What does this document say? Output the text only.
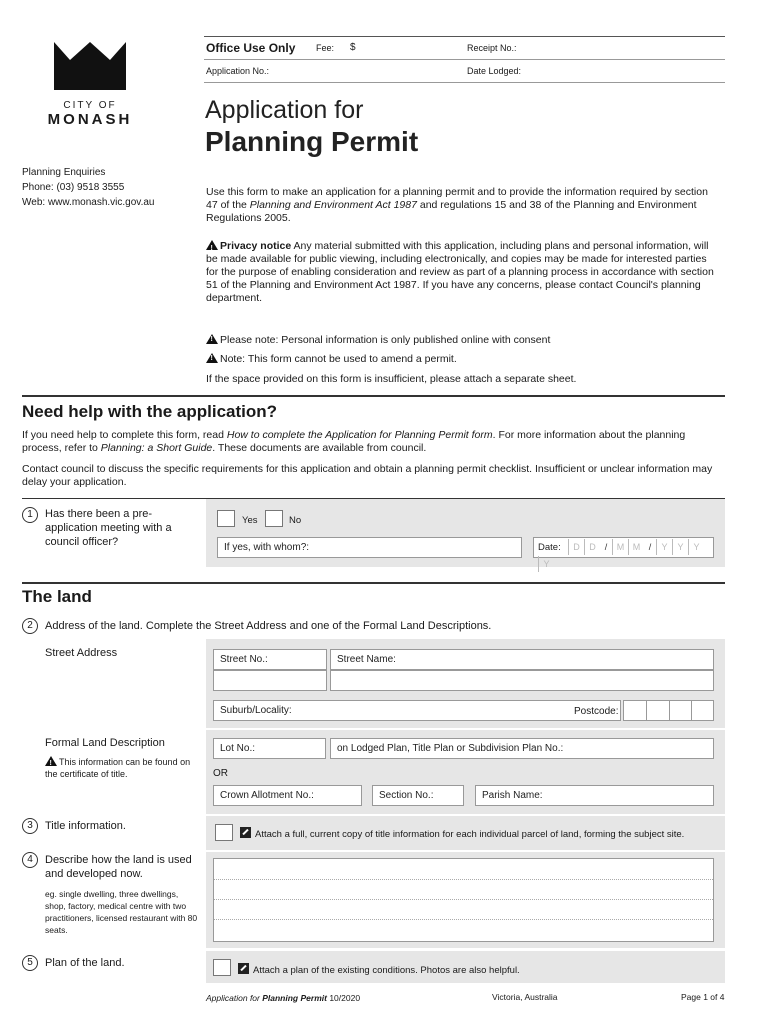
CITY OF
MONASH
Planning Enquiries
Phone: (03) 9518 3555
Web: www.monash.vic.gov.au
Office Use Only Fee: $	Receipt No.:
Application No.:	Date Lodged:
Application for
Planning Permit
Use this form to make an application for a planning permit and to provide the information required by section 47 of the Planning and Environment Act 1987 and regulations 15 and 38 of the Planning and Environment Regulations 2005.
!Privacy notice Any material submitted with this application, including plans and personal information, will be made available for public viewing, including electronically, and copies may be made for interested parties for the purpose of enabling consideration and review as part of a planning process in accordance with section 51 of the Planning and Environment Act 1987. If you have any concerns, please contact Council's planning department.
!Please note: Personal information is only published online with consent
!Note: This form cannot be used to amend a permit.
If the space provided on this form is insufficient, please attach a separate sheet.
Need help with the application?
If you need help to complete this form, read How to complete the Application for Planning Permit form. For more information about the planning process, refer to Planning: a Short Guide. These documents are available from council.
Contact council to discuss the specific requirements for this application and obtain a planning permit checklist. Insufficient or unclear information may delay your application.
1	Has there been a pre-application meeting with a council officer?
Yes	No
If yes, with whom?:	Date: D D / M M / Y Y YY
The land
2	Address of the land. Complete the Street Address and one of the Formal Land Descriptions.
Street Address
Street No.:	Street Name:
Suburb/Locality:	Postcode:
Formal Land Description
!This information can be found on the certificate of title.
Lot No.:	on Lodged Plan, Title Plan or Subdivision Plan No.:
OR
Crown Allotment No.:	Section No.:	Parish Name:
3	Title information.
Attach a full, current copy of title information for each individual parcel of land, forming the subject site.
4	Describe how the land is used and developed now.
eg. single dwelling, three dwellings, shop, factory, medical centre with two practitioners, licensed restaurant with 80 seats.
5	Plan of the land.
Attach a plan of the existing conditions. Photos are also helpful.
Application for Planning Permit 10/2020	Victoria, Australia	Page 1 of 4
